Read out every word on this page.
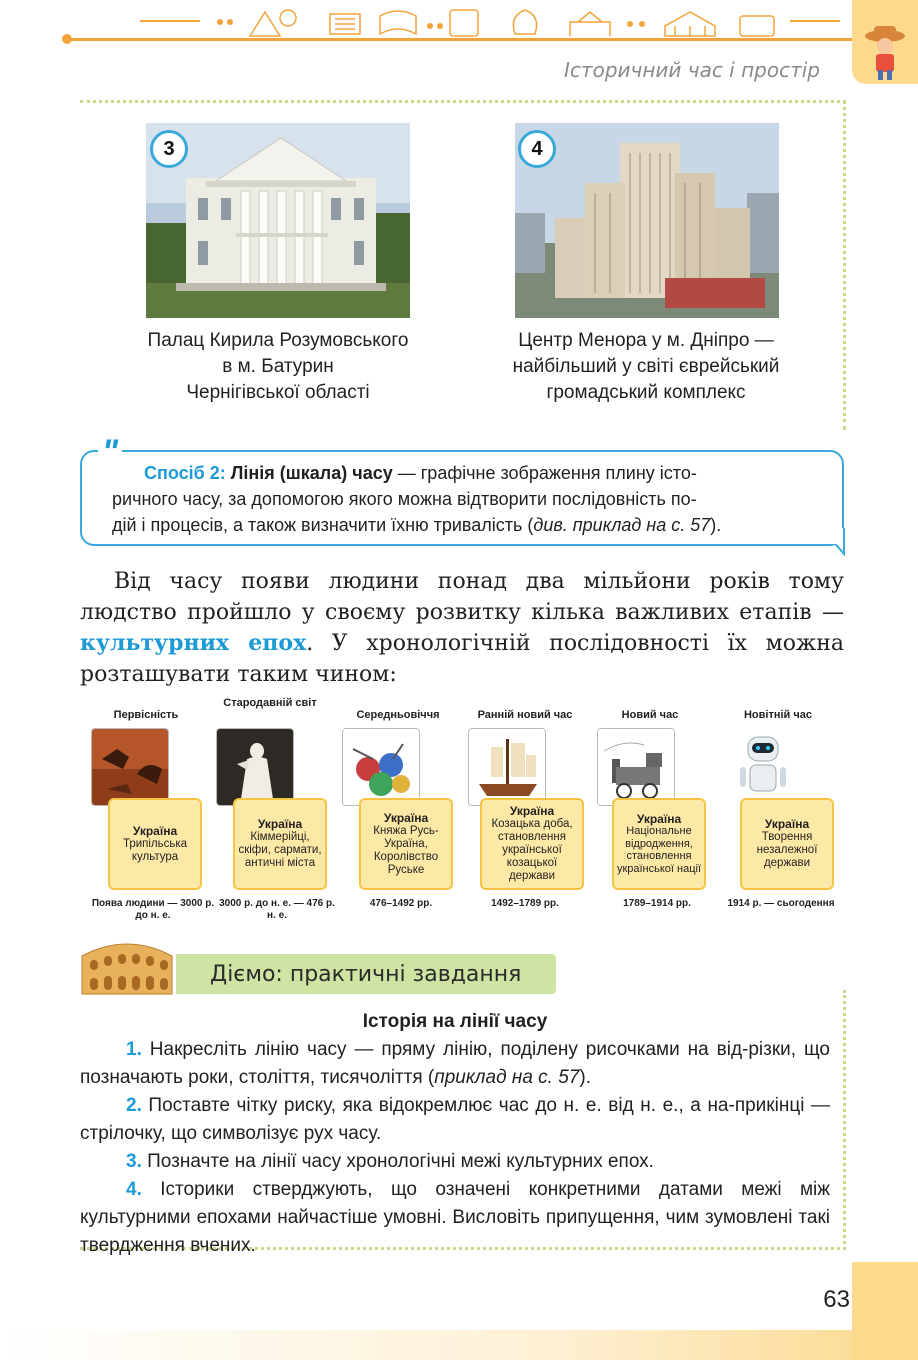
Історичний час і простір
3	4
Палац Кирила Розумовського
в м. Батурин
Чернігівської області
Центр Менора у м. Дніпро —
найбільший у світі єврейський
громадський комплекс
Спосіб 2: Лінія (шкала) часу — графічне зображення плину істо-
ричного часу, за допомогою якого можна відтворити послідовність по-
дій і процесів, а також визначити їхню тривалість (див. приклад на с. 57).
"
Від часу появи людини понад два мільйони років тому людство пройшло у своєму розвитку кілька важливих етапів — культурних епох. У хронологічній послідовності їх можна розташувати таким чином:
Первісність
Україна
Трипільська культура
Поява людини — 3000 р. до н. е.
Стародавній світ
Україна
Кіммерійці, скіфи, сармати, античні міста
3000 р. до н. е. — 476 р. н. е.
Середньовіччя
Україна
Княжа Русь-Україна, Королівство Руське
476–1492 рр.
Ранній новий час
Україна
Козацька доба, становлення української козацької держави
1492–1789 рр.
Новий час
Україна
Національне відродження, становлення української нації
1789–1914 рр.
Новітній час
Україна
Творення незалежної держави
1914 р. — сьогодення
Діємо: практичні завдання
Історія на лінії часу

1. Накресліть лінію часу — пряму лінію, поділену рисочками на від-різки, що позначають роки, століття, тисячоліття (приклад на с. 57).

2. Поставте чітку риску, яка відокремлює час до н. е. від н. е., а на-прикінці — стрілочку, що символізує рух часу.

3. Позначте на лінії часу хронологічні межі культурних епох.

4. Історики стверджують, що означені конкретними датами межі між культурними епохами найчастіше умовні. Висловіть припущення, чим зумовлені такі твердження вчених.

63
